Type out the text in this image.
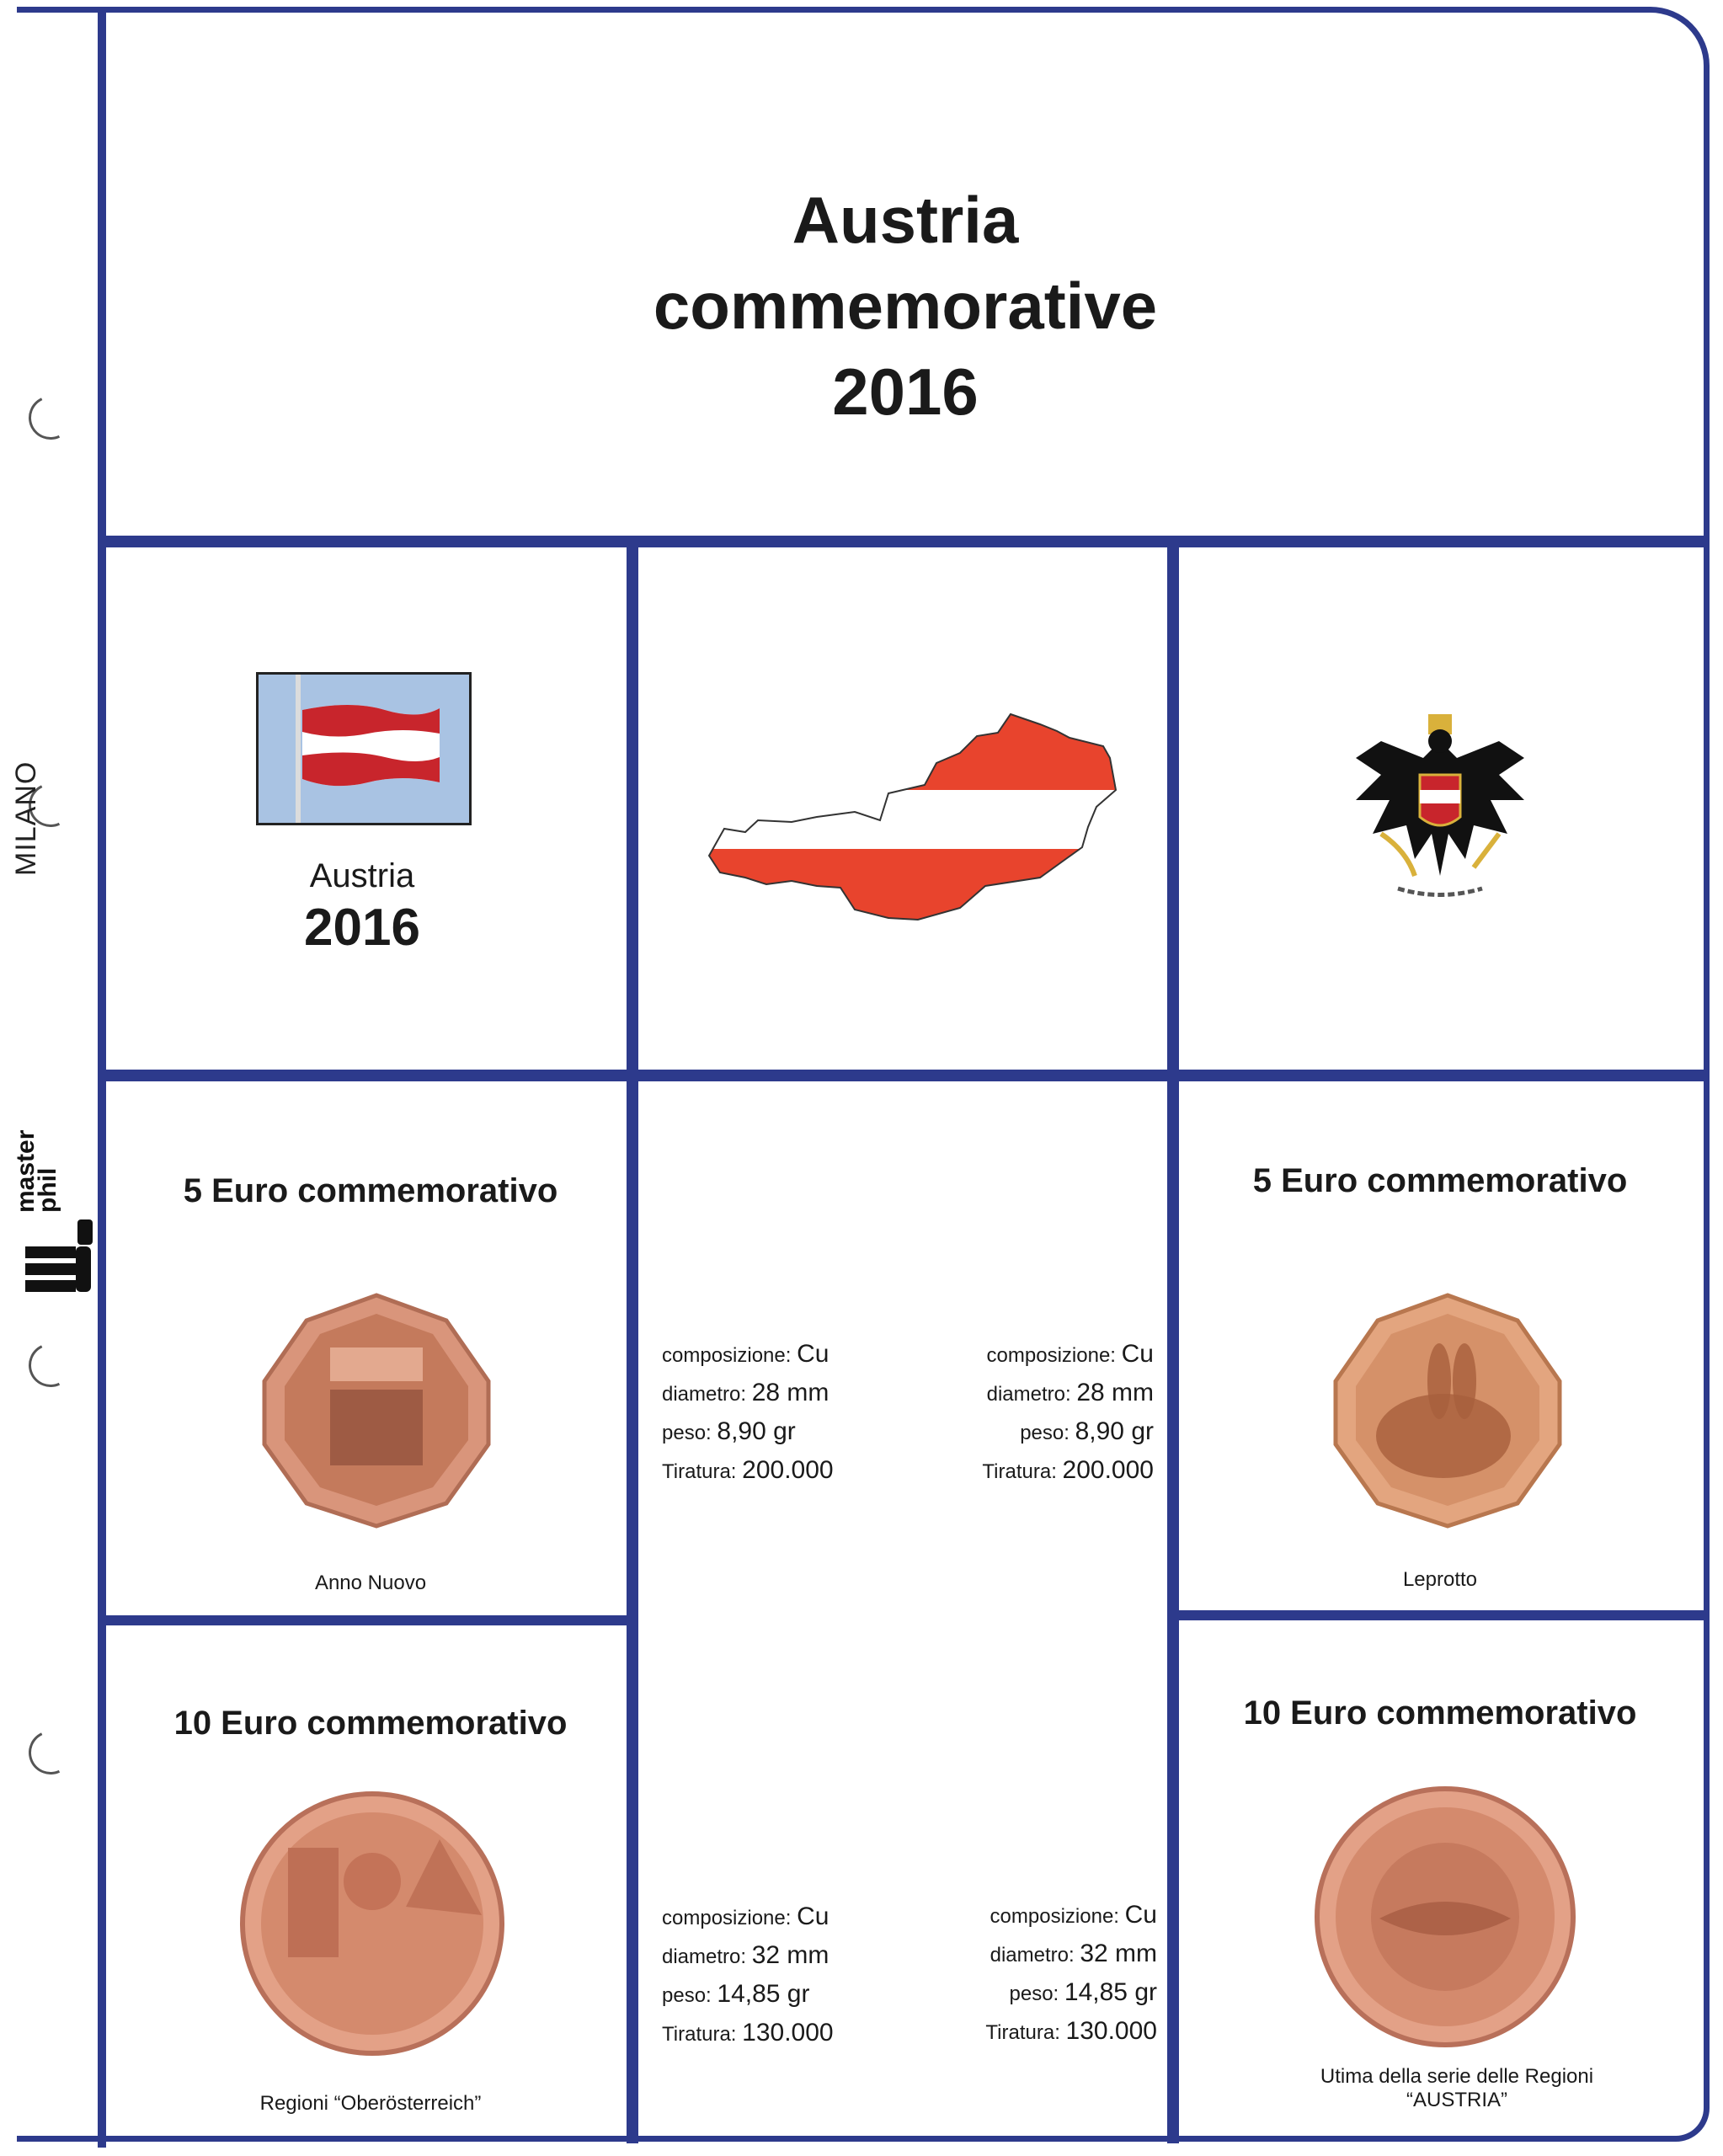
MILANO
master phil
Austria
commemorative
2016
Austria
2016
5 Euro commemorativo
Anno Nuovo
5 Euro commemorativo
Leprotto
10 Euro commemorativo
Regioni “Oberösterreich”
10 Euro commemorativo
Utima della serie delle Regioni
“AUSTRIA”
composizione: Cu
diametro: 28 mm
peso: 8,90 gr
Tiratura: 200.000
composizione: Cu
diametro: 28 mm
peso: 8,90 gr
Tiratura: 200.000
composizione: Cu
diametro: 32 mm
peso: 14,85 gr
Tiratura: 130.000
composizione: Cu
diametro: 32 mm
peso: 14,85 gr
Tiratura: 130.000
